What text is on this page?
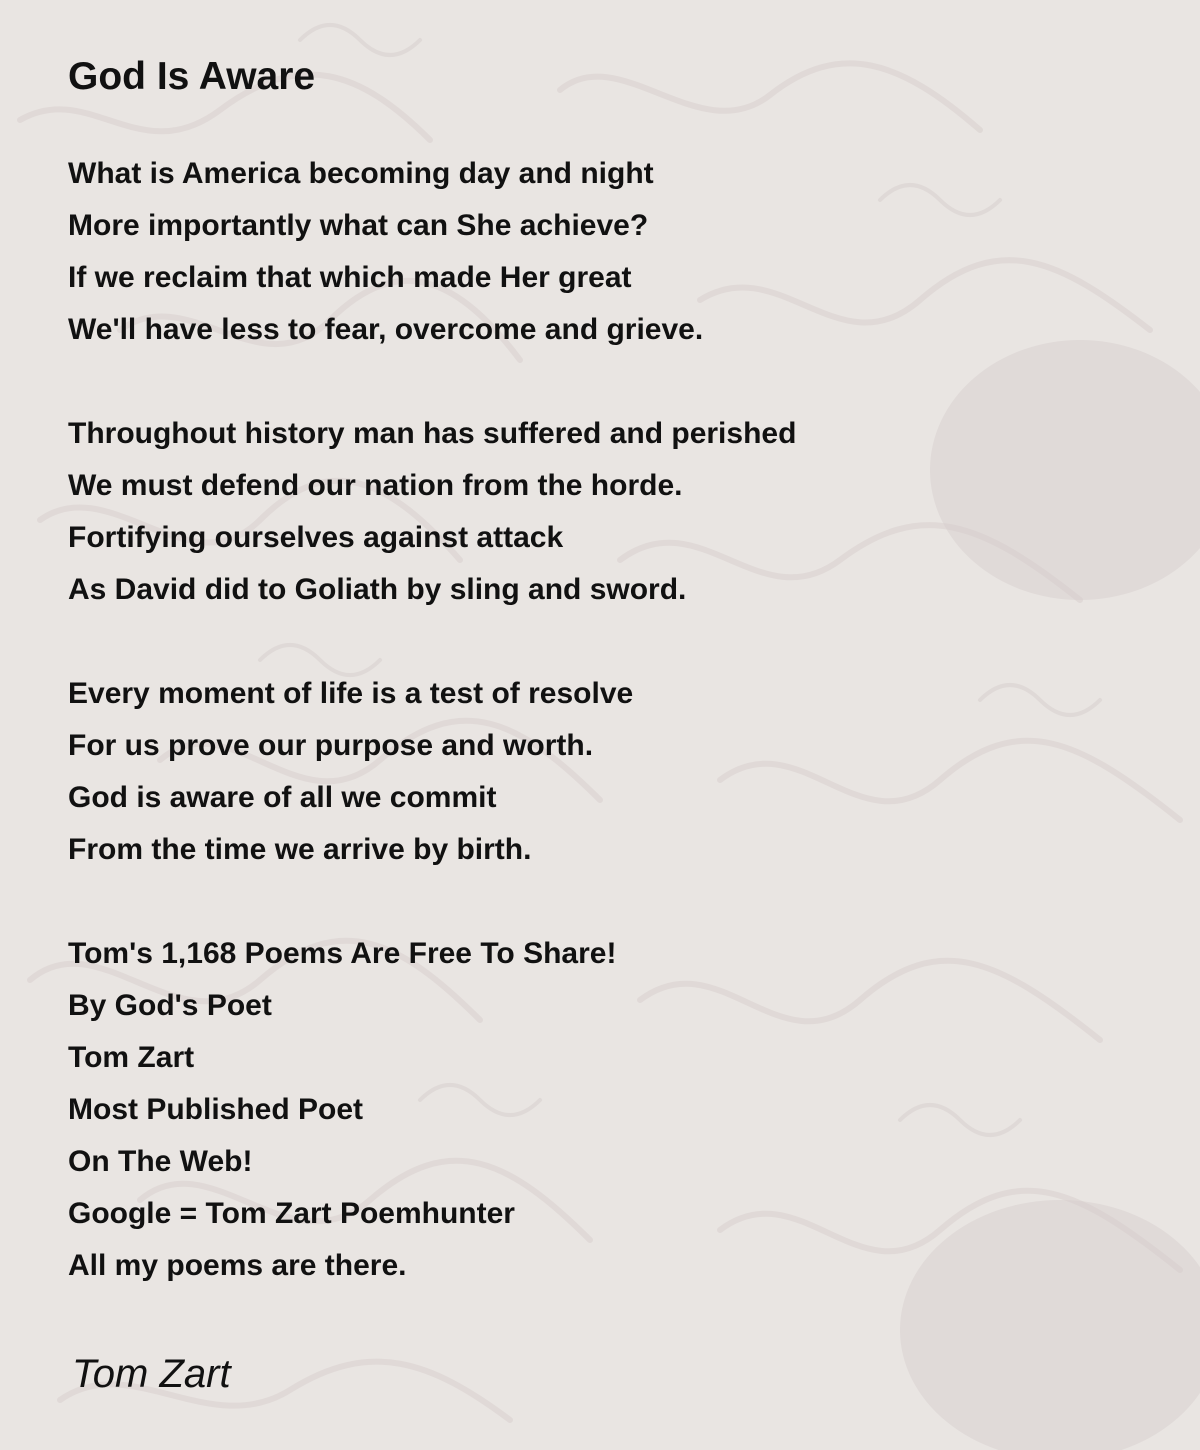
God Is Aware
What is America becoming day and night
More importantly what can She achieve?
If we reclaim that which made Her great
We'll have less to fear, overcome and grieve.
Throughout history man has suffered and perished
We must defend our nation from the horde.
Fortifying ourselves against attack
As David did to Goliath by sling and sword.
Every moment of life is a test of resolve
For us prove our purpose and worth.
God is aware of all we commit
From the time we arrive by birth.
Tom's 1,168 Poems Are Free To Share!
By God's Poet
Tom Zart
Most Published Poet
On The Web!
Google = Tom Zart Poemhunter
All my poems are there.
Tom Zart
